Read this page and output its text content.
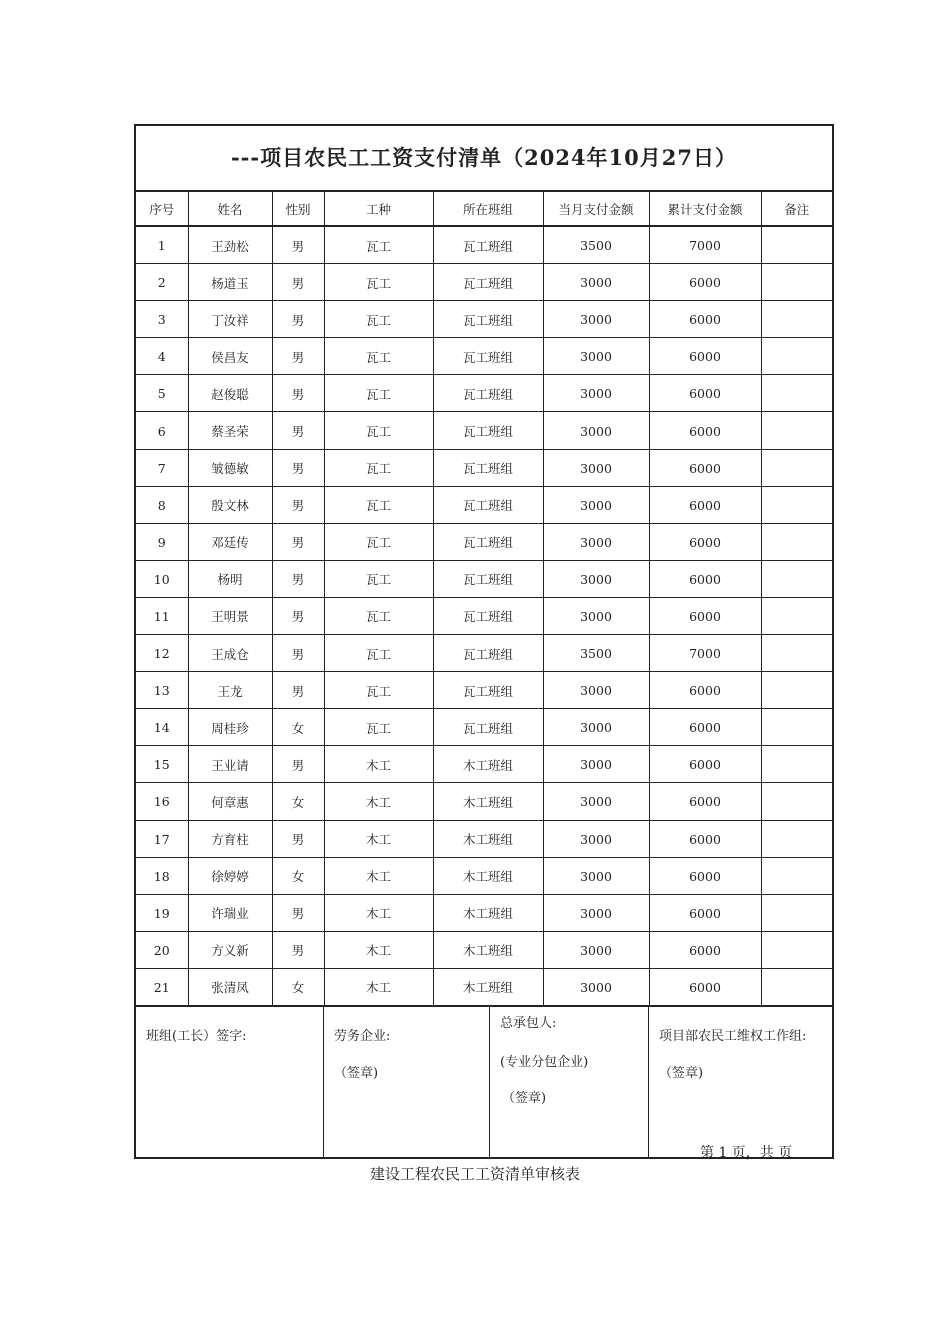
---项目农民工工资支付清单（2024年10月27日）
序号	姓名	性别	工种	所在班组	当月支付金额	累计支付金额	备注
1	王劲松	男	瓦工	瓦工班组	3500	7000	
2	杨道玉	男	瓦工	瓦工班组	3000	6000	
3	丁汝祥	男	瓦工	瓦工班组	3000	6000	
4	侯昌友	男	瓦工	瓦工班组	3000	6000	
5	赵俊聪	男	瓦工	瓦工班组	3000	6000	
6	蔡圣荣	男	瓦工	瓦工班组	3000	6000	
7	皱德敏	男	瓦工	瓦工班组	3000	6000	
8	殷文林	男	瓦工	瓦工班组	3000	6000	
9	邓廷传	男	瓦工	瓦工班组	3000	6000	
10	杨明	男	瓦工	瓦工班组	3000	6000	
11	王明景	男	瓦工	瓦工班组	3000	6000	
12	王成仓	男	瓦工	瓦工班组	3500	7000	
13	王龙	男	瓦工	瓦工班组	3000	6000	
14	周桂珍	女	瓦工	瓦工班组	3000	6000	
15	王业请	男	木工	木工班组	3000	6000	
16	何章惠	女	木工	木工班组	3000	6000	
17	方育柱	男	木工	木工班组	3000	6000	
18	徐婷婷	女	木工	木工班组	3000	6000	
19	许瑞业	男	木工	木工班组	3000	6000	
20	方义新	男	木工	木工班组	3000	6000	
21	张清凤	女	木工	木工班组	3000	6000	
班组(工长）签字:	劳务企业:
（签章)
总承包人:
(专业分包企业)
（签章)
项目部农民工维权工作组:
（签章)
第 1 页，共 页
建设工程农民工工资清单审核表
